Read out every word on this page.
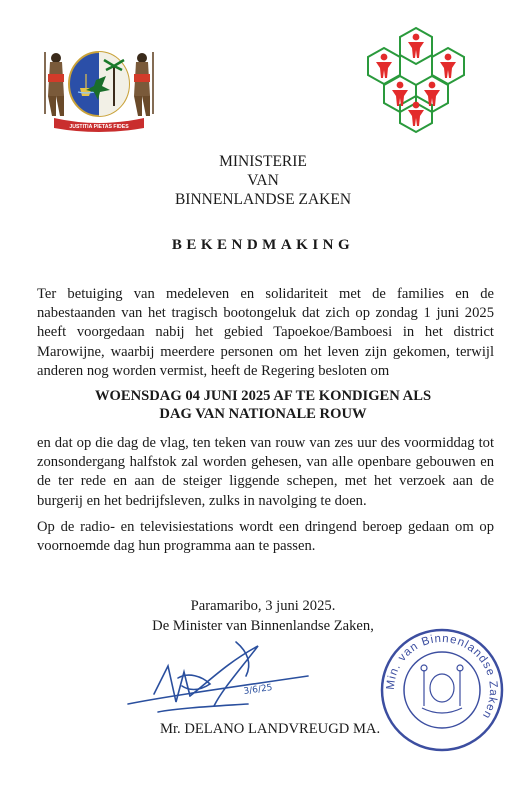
JUSTITIA PIETAS FIDES
MINISTERIE
VAN
BINNENLANDSE ZAKEN
BEKENDMAKING

Ter betuiging van medeleven en solidariteit met de families en de nabestaanden van het tragisch bootongeluk dat zich op zondag 1 juni 2025 heeft voorgedaan nabij het gebied Tapoekoe/Bamboesi in het district Marowijne, waarbij meerdere personen om het leven zijn gekomen, terwijl anderen nog worden vermist, heeft de Regering besloten om

WOENSDAG 04 JUNI 2025 AF TE KONDIGEN ALS
DAG VAN NATIONALE ROUW

en dat op die dag de vlag, ten teken van rouw van zes uur des voormiddag tot zonsondergang halfstok zal worden gehesen, van alle openbare gebouwen en de ter rede en aan de steiger liggende schepen, met het verzoek aan de burgerij en het bedrijfsleven, zulks in navolging te doen.

Op de radio- en televisiestations wordt een dringend beroep gedaan om op voornoemde dag hun programma aan te passen.

Paramaribo, 3 juni 2025.
De Minister van Binnenlandse Zaken,
3/6/25	Min. van Binnenlandse Zaken
Mr. DELANO LANDVREUGD MA.
